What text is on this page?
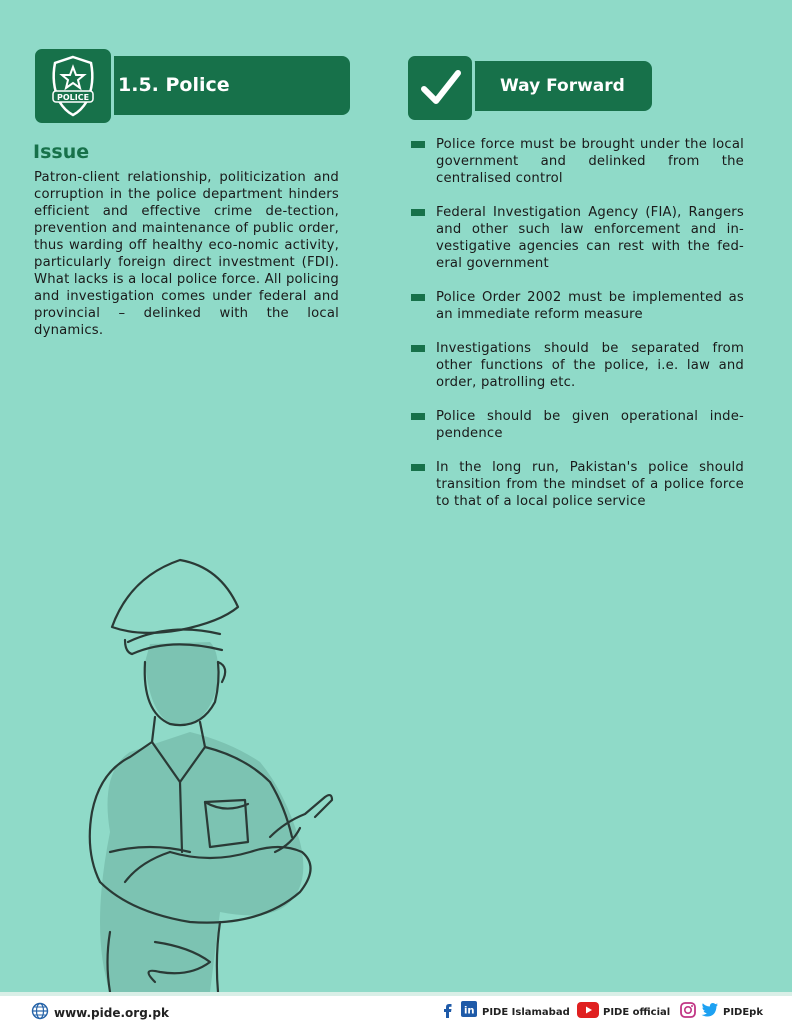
1.5. Police
POLICE
Way Forward
Issue
Patron-client relationship, politicization and corruption in the police department hinders efficient and effective crime de-tection, prevention and maintenance of public order, thus warding off healthy eco-nomic activity, particularly foreign direct investment (FDI). What lacks is a local police force. All policing and investigation comes under federal and provincial – delinked with the local dynamics.
Police force must be brought under the local government and delinked from the centralised control
Federal Investigation Agency (FIA), Rangers and other such law enforcement and in-vestigative agencies can rest with the fed-eral government
Police Order 2002 must be implemented as an immediate reform measure
Investigations should be separated from other functions of the police, i.e. law and order, patrolling etc.
Police should be given operational inde-pendence
In the long run, Pakistan's police should transition from the mindset of a police force to that of a local police service
www.pide.org.pk	in PIDE Islamabad	PIDE official	PIDEpk
